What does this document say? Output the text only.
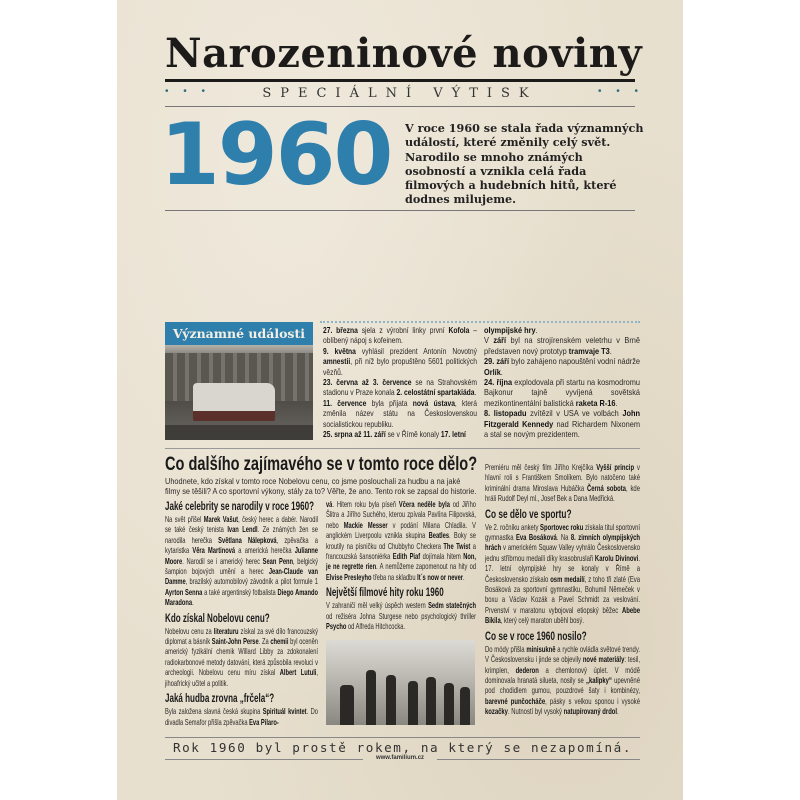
Narozeninové noviny
• • •	SPECIÁLNÍ VÝTISK	• • •
1960 V roce 1960 se stala řada významných událostí, které změnily celý svět. Narodilo se mnoho známých osobností a vznikla celá řada filmových a hudebních hitů, které dodnes milujeme.
Významné události	27. března sjela z výrobní linky první Kofola – oblíbený nápoj s kofeinem.

9. května vyhlásil prezident Antonín Novotný amnestii, při níž bylo propuštěno 5601 politických vězňů.

23. června až 3. července se na Strahovském stadionu v Praze konala 2. celostátní spartakiáda.

11. července byla přijata nová ústava, která změnila název státu na Československou socialistickou republiku.

25. srpna až 11. září se v Římě konaly 17. letní

olympijské hry.

V září byl na strojírenském veletrhu v Brně představen nový prototyp tramvaje T3.

29. září bylo zahájeno napouštění vodní nádrže Orlík.

24. října explodovala při startu na kosmodromu Bajkonur tajně vyvíjená sovětská mezikontinentální balistická raketa R-16.

8. listopadu zvítězil v USA ve volbách John Fitzgerald Kennedy nad Richardem Nixonem a stal se novým prezidentem.

Co dalšího zajímavého se v tomto roce dělo?
Uhodnete, kdo získal v tomto roce Nobelovu cenu, co jsme poslouchali za hudbu a na jaké filmy se těšili? A co sportovní výkony, stály za to? Věřte, že ano. Tento rok se zapsal do historie.
Jaké celebrity se narodily v roce 1960?

Na svět přišel Marek Vašut, český herec a dabér. Narodil se také český tenista Ivan Lendl. Ze známých žen se narodila herečka Světlana Nálepková, zpěvačka a kytaristka Věra Martinová a americká herečka Julianne Moore. Narodil se i americký herec Sean Penn, belgický šampion bojových umění a herec Jean-Claude van Damme, brazilský automobilový závodník a pilot formule 1 Ayrton Senna a také argentinský fotbalista Diego Amando Maradona.

Kdo získal Nobelovu cenu?

Nobelovu cenu za literaturu získal za své dílo francouzský diplomat a básník Saint-John Perse. Za chemii byl oceněn americký fyzikální chemik Willard Libby za zdokonalení radiokarbonové metody datování, která způsobila revoluci v archeologii. Nobelovu cenu míru získal Albert Lutuli, jihoafrický učitel a politik.

Jaká hudba zrovna „frčela“?

Byla založena slavná česká skupina Spirituál kvintet. Do divadla Semafor přišla zpěvačka Eva Pilaro-

vá. Hitem roku byla píseň Včera neděle byla od Jiřího Šlitra a Jiřího Suchého, kterou zpívala Pavlína Filipovská, nebo Mackie Messer v podání Milana Chladila. V anglickém Liverpoolu vznikla skupina Beatles. Boky se kroutily na písničku od Chubbyho Checkera The Twist a francouzská šansoniérka Edith Piaf dojímala hitem Non, je ne regrette rien. A nemůžeme zapomenout na hity od Elvise Presleyho třeba na skladbu It´s now or never.

Největší filmové hity roku 1960

V zahraničí měl velký úspěch western Sedm statečných od režiséra Johna Sturgese nebo psychologický thriller Psycho od Alfreda Hitchcocka.

Premiéru měl český film Jiřího Krejčíka Vyšší princip v hlavní roli s Františkem Smolíkem. Bylo natočeno také kriminální drama Miroslava Hubáčka Černá sobota, kde hráli Rudolf Deyl ml., Josef Bek a Dana Medřická.

Co se dělo ve sportu?

Ve 2. ročníku ankety Sportovec roku získala titul sportovní gymnastka Eva Bosáková. Na 8. zimních olympijských hrách v americkém Squaw Valley vyhrálo Československo jednu stříbrnou medaili díky krasobruslaři Karolu Divínovi. 17. letní olympijské hry se konaly v Římě a Československo získalo osm medailí, z toho tři zlaté (Eva Bosáková za sportovní gymnastiku, Bohumil Němeček v boxu a Václav Kozák a Pavel Schmidt za veslování. Prvenství v maratonu vybojoval etiopský běžec Abebe Bikila, který celý maraton uběhl bosý.

Co se v roce 1960 nosilo?

Do módy přišla minisukně a rychle ovládla světové trendy. V Československu i jinde se objevily nové materiály: tesil, krimplen, dederon a chemlonový úplet. V módě dominovala hranatá silueta, nosily se „kalipky“ upevněné pod chodidlem gumou, pouzdrové šaty i kombinézy, barevné punčocháče, pásky s velkou sponou i vysoké kozačky. Nutností byl vysoký natupírovaný drdol.

Rok 1960 byl prostě rokem, na který se nezapomíná.
www.familium.cz
